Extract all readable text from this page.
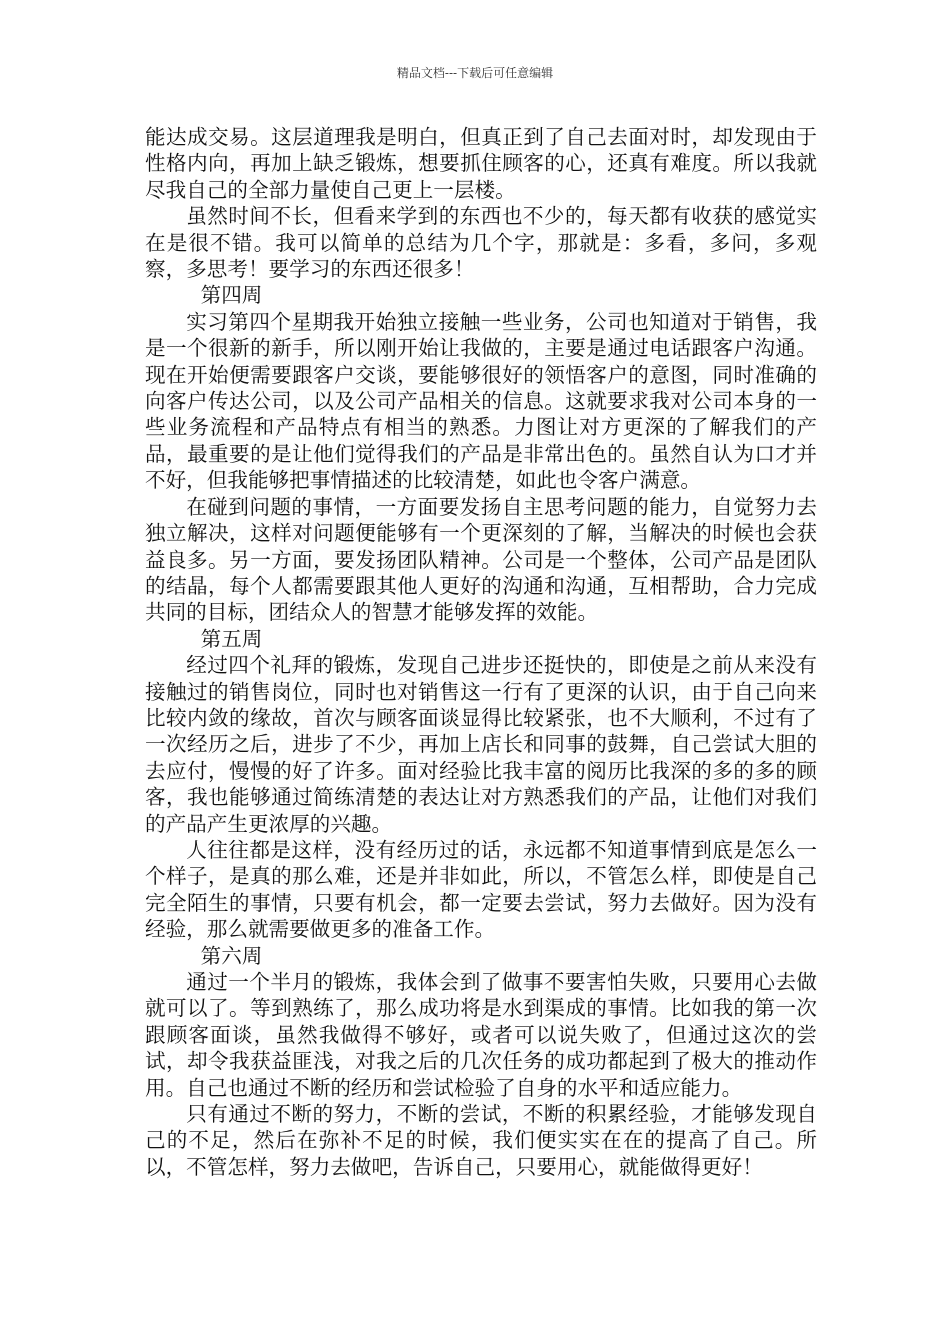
精品文档---下载后可任意编辑

能达成交易。这层道理我是明白，但真正到了自己去面对时，却发现由于性格内向，再加上缺乏锻炼，想要抓住顾客的心，还真有难度。所以我就尽我自己的全部力量使自己更上一层楼。

虽然时间不长，但看来学到的东西也不少的，每天都有收获的感觉实在是很不错。我可以简单的总结为几个字，那就是：多看，多问，多观察，多思考！要学习的东西还很多！

第四周

实习第四个星期我开始独立接触一些业务，公司也知道对于销售，我是一个很新的新手，所以刚开始让我做的，主要是通过电话跟客户沟通。现在开始便需要跟客户交谈，要能够很好的领悟客户的意图，同时准确的向客户传达公司，以及公司产品相关的信息。这就要求我对公司本身的一些业务流程和产品特点有相当的熟悉。力图让对方更深的了解我们的产品，最重要的是让他们觉得我们的产品是非常出色的。虽然自认为口才并不好，但我能够把事情描述的比较清楚，如此也令客户满意。

在碰到问题的事情，一方面要发扬自主思考问题的能力，自觉努力去独立解决，这样对问题便能够有一个更深刻的了解，当解决的时候也会获益良多。另一方面，要发扬团队精神。公司是一个整体，公司产品是团队的结晶，每个人都需要跟其他人更好的沟通和沟通，互相帮助，合力完成共同的目标，团结众人的智慧才能够发挥的效能。

第五周

经过四个礼拜的锻炼，发现自己进步还挺快的，即使是之前从来没有接触过的销售岗位，同时也对销售这一行有了更深的认识，由于自己向来比较内敛的缘故，首次与顾客面谈显得比较紧张，也不大顺利，不过有了一次经历之后，进步了不少，再加上店长和同事的鼓舞，自己尝试大胆的去应付，慢慢的好了许多。面对经验比我丰富的阅历比我深的多的多的顾客，我也能够通过简练清楚的表达让对方熟悉我们的产品，让他们对我们的产品产生更浓厚的兴趣。

人往往都是这样，没有经历过的话，永远都不知道事情到底是怎么一个样子，是真的那么难，还是并非如此，所以，不管怎么样，即使是自己完全陌生的事情，只要有机会，都一定要去尝试，努力去做好。因为没有经验，那么就需要做更多的准备工作。

第六周

通过一个半月的锻炼，我体会到了做事不要害怕失败，只要用心去做就可以了。等到熟练了，那么成功将是水到渠成的事情。比如我的第一次跟顾客面谈，虽然我做得不够好，或者可以说失败了，但通过这次的尝试，却令我获益匪浅，对我之后的几次任务的成功都起到了极大的推动作用。自己也通过不断的经历和尝试检验了自身的水平和适应能力。

只有通过不断的努力，不断的尝试，不断的积累经验，才能够发现自己的不足，然后在弥补不足的时候，我们便实实在在的提高了自己。所以，不管怎样，努力去做吧，告诉自己，只要用心，就能做得更好！
